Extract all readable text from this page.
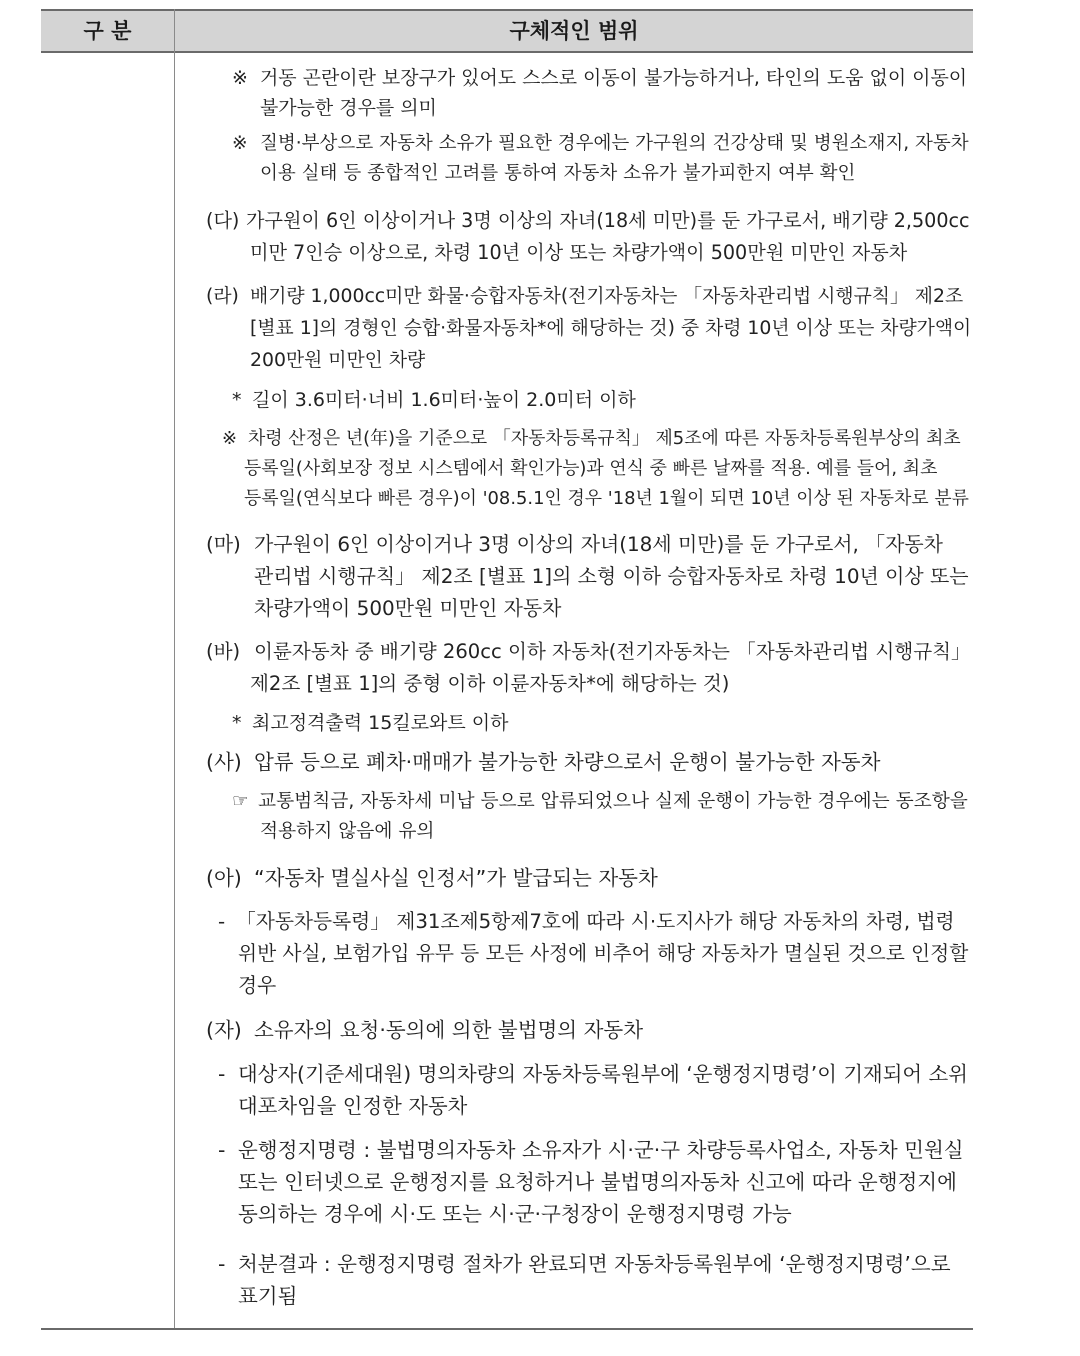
구 분	구체적인 범위
※ 거동 곤란이란 보장구가 있어도 스스로 이동이 불가능하거나, 타인의 도움 없이 이동이
불가능한 경우를 의미
※ 질병·부상으로 자동차 소유가 필요한 경우에는 가구원의 건강상태 및 병원소재지, 자동차
이용 실태 등 종합적인 고려를 통하여 자동차 소유가 불가피한지 여부 확인
(다) 가구원이 6인 이상이거나 3명 이상의 자녀(18세 미만)를 둔 가구로서, 배기량 2,500cc
미만 7인승 이상으로, 차령 10년 이상 또는 차량가액이 500만원 미만인 자동차
(라) 배기량 1,000cc미만 화물·승합자동차(전기자동차는 「자동차관리법 시행규칙」 제2조
[별표 1]의 경형인 승합·화물자동차*에 해당하는 것) 중 차령 10년 이상 또는 차량가액이
200만원 미만인 차량
* 길이 3.6미터·너비 1.6미터·높이 2.0미터 이하
※ 차령 산정은 년(年)을 기준으로 「자동차등록규칙」 제5조에 따른 자동차등록원부상의 최초
등록일(사회보장 정보 시스템에서 확인가능)과 연식 중 빠른 날짜를 적용. 예를 들어, 최초
등록일(연식보다 빠른 경우)이 '08.5.1인 경우 '18년 1월이 되면 10년 이상 된 자동차로 분류
(마) 가구원이 6인 이상이거나 3명 이상의 자녀(18세 미만)를 둔 가구로서, 「자동차
관리법 시행규칙」 제2조 [별표 1]의 소형 이하 승합자동차로 차령 10년 이상 또는
차량가액이 500만원 미만인 자동차
(바) 이륜자동차 중 배기량 260cc 이하 자동차(전기자동차는 「자동차관리법 시행규칙」
제2조 [별표 1]의 중형 이하 이륜자동차*에 해당하는 것)
* 최고정격출력 15킬로와트 이하
(사) 압류 등으로 폐차·매매가 불가능한 차량으로서 운행이 불가능한 자동차
☞ 교통범칙금, 자동차세 미납 등으로 압류되었으나 실제 운행이 가능한 경우에는 동조항을
적용하지 않음에 유의
(아) “자동차 멸실사실 인정서”가 발급되는 자동차
- 「자동차등록령」 제31조제5항제7호에 따라 시·도지사가 해당 자동차의 차령, 법령
위반 사실, 보험가입 유무 등 모든 사정에 비추어 해당 자동차가 멸실된 것으로 인정할
경우
(자) 소유자의 요청·동의에 의한 불법명의 자동차
- 대상자(기준세대원) 명의차량의 자동차등록원부에 ‘운행정지명령’이 기재되어 소위
대포차임을 인정한 자동차
- 운행정지명령 : 불법명의자동차 소유자가 시·군·구 차량등록사업소, 자동차 민원실
또는 인터넷으로 운행정지를 요청하거나 불법명의자동차 신고에 따라 운행정지에
동의하는 경우에 시·도 또는 시·군·구청장이 운행정지명령 가능
- 처분결과 : 운행정지명령 절차가 완료되면 자동차등록원부에 ‘운행정지명령’으로
표기됨
